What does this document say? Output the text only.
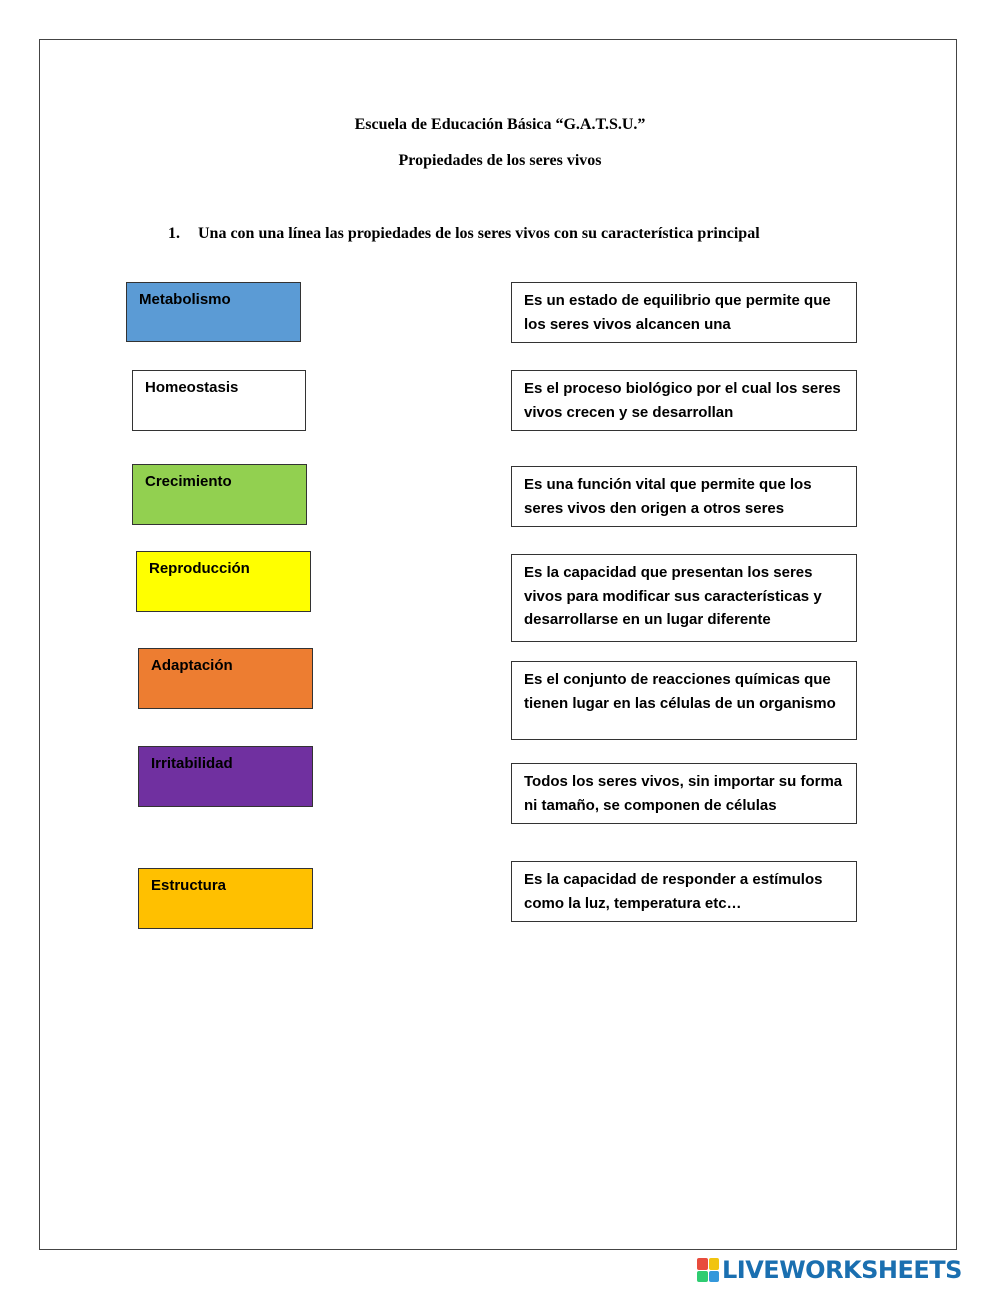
Escuela de Educación Básica “G.A.T.S.U.”
Propiedades de los seres vivos
1.	Una con una línea las propiedades de los seres vivos con su característica principal
Metabolismo
Homeostasis
Crecimiento
Reproducción
Adaptación
Irritabilidad
Estructura
Es un estado de equilibrio que permite que los seres vivos alcancen una
Es el proceso biológico por el cual los seres vivos crecen y se desarrollan
Es una función vital que permite que los seres vivos den origen a otros seres
Es la capacidad que presentan los seres vivos para modificar sus características y desarrollarse en un lugar diferente
Es el conjunto de reacciones químicas que tienen lugar en las células de un organismo
Todos los seres vivos, sin importar su forma ni tamaño, se componen de células
Es la capacidad de responder a estímulos como la luz, temperatura etc…
LIVEWORKSHEETS
